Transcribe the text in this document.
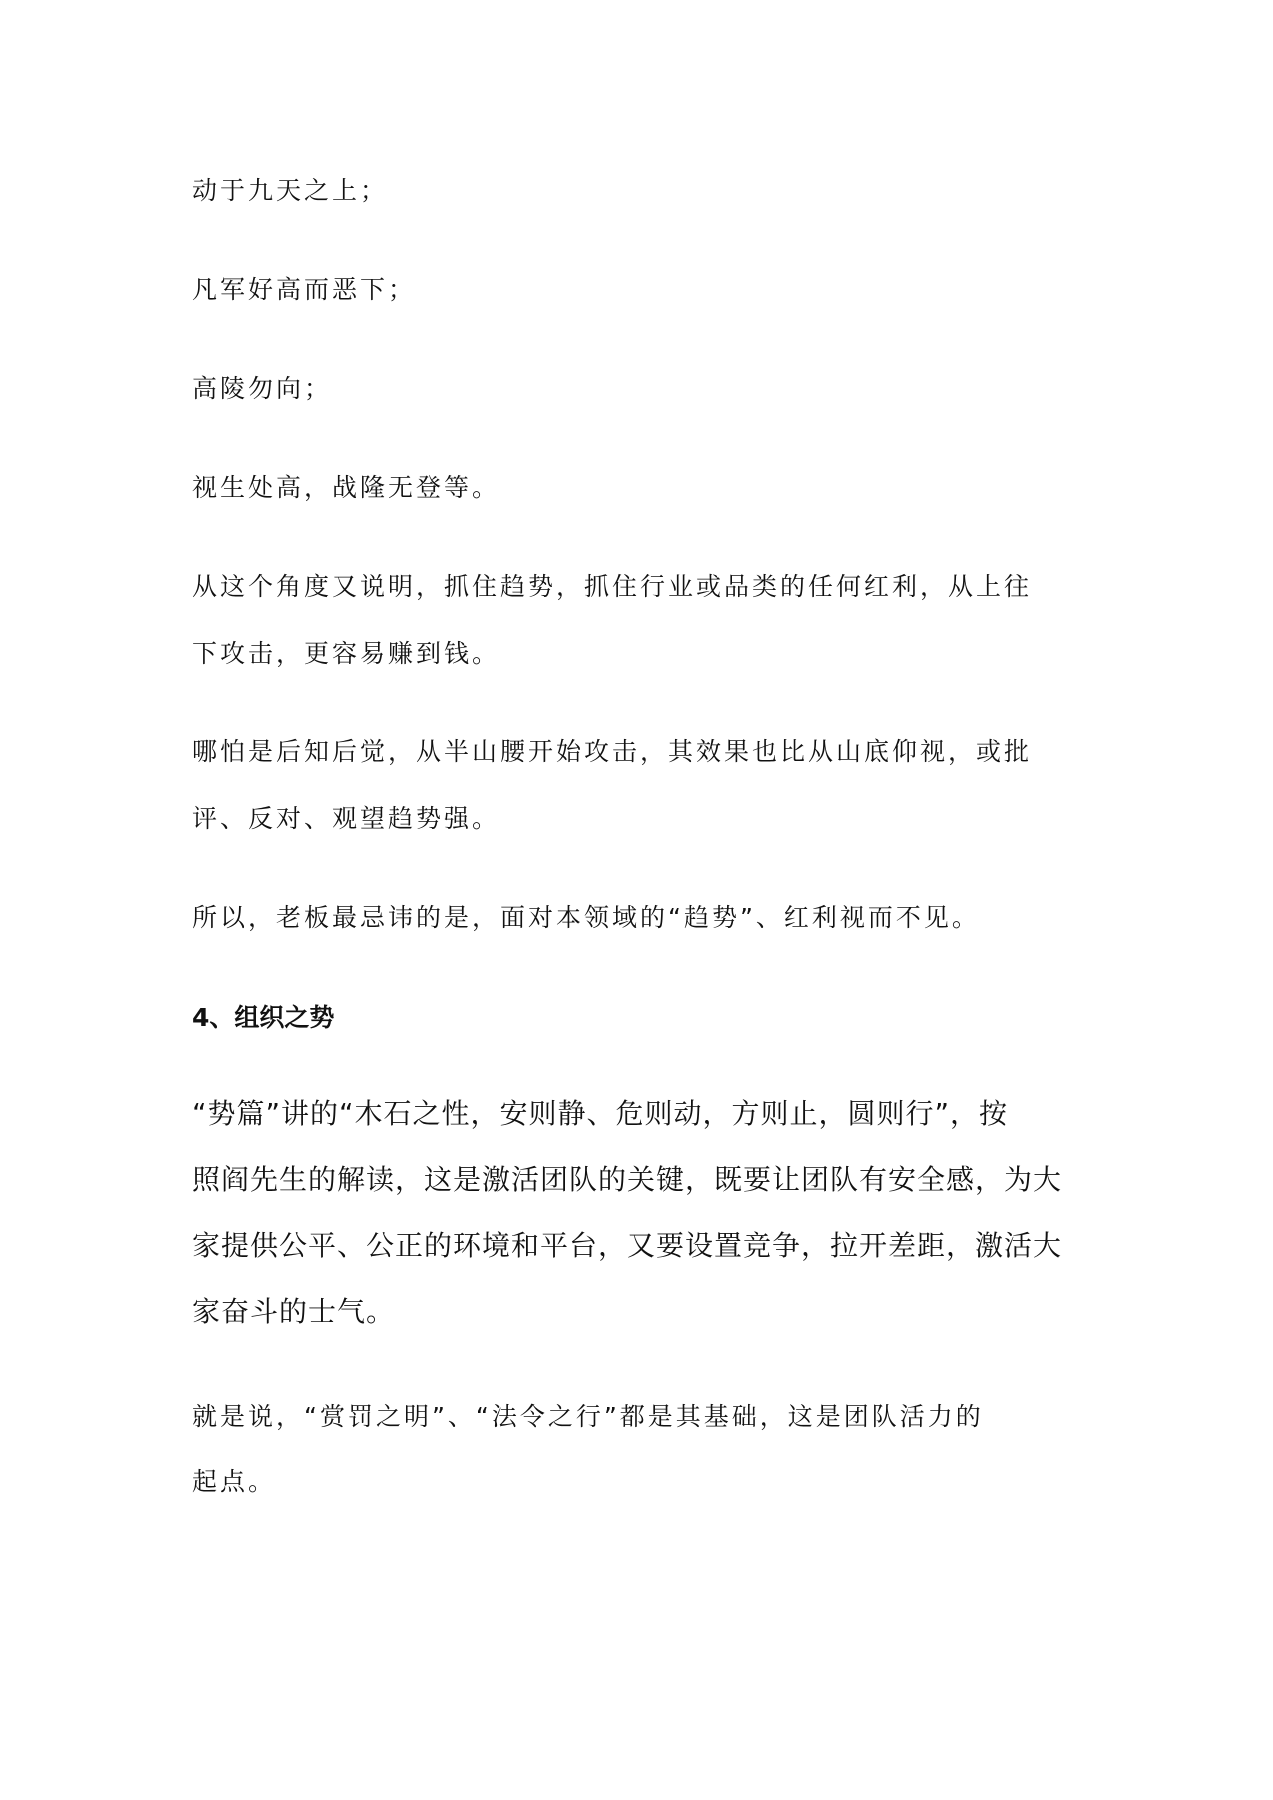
动于九天之上；
凡军好高而恶下；
高陵勿向；
视生处高，战隆无登等。
从这个角度又说明，抓住趋势，抓住行业或品类的任何红利，从上往
下攻击，更容易赚到钱。
哪怕是后知后觉，从半山腰开始攻击，其效果也比从山底仰视，或批
评、反对、观望趋势强。
所以，老板最忌讳的是，面对本领域的“趋势”、红利视而不见。
4、组织之势
“势篇”讲的“木石之性，安则静、危则动，方则止，圆则行”，按
照阎先生的解读，这是激活团队的关键，既要让团队有安全感，为大
家提供公平、公正的环境和平台，又要设置竞争，拉开差距，激活大
家奋斗的士气。
就是说，“赏罚之明”、“法令之行”都是其基础，这是团队活力的
起点。
